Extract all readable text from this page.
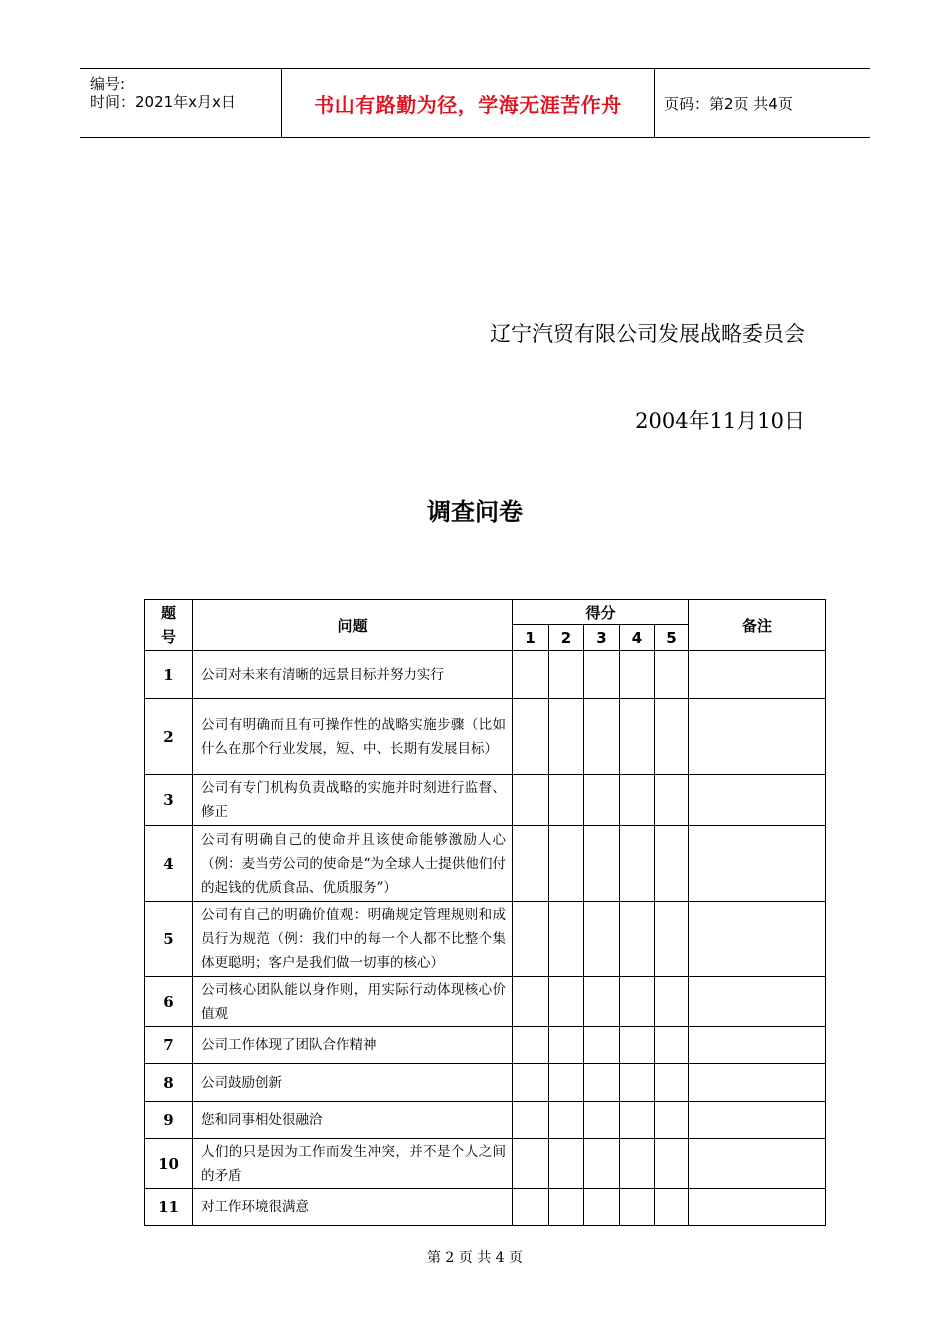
编号:
时间：2021年x月x日	书山有路勤为径，学海无涯苦作舟	页码：第2页 共4页
辽宁汽贸有限公司发展战略委员会
2004年11月10日
调查问卷
题
号	问题	得分					备注
		1	2	3	4	5	
1	公司对未来有清晰的远景目标并努力实行						
2	公司有明确而且有可操作性的战略实施步骤（比如什么在那个行业发展，短、中、长期有发展目标）						
3	公司有专门机构负责战略的实施并时刻进行监督、修正						
4	公司有明确自己的使命并且该使命能够激励人心（例：麦当劳公司的使命是“为全球人士提供他们付的起钱的优质食品、优质服务”）						
5	公司有自己的明确价值观：明确规定管理规则和成员行为规范（例：我们中的每一个人都不比整个集体更聪明；客户是我们做一切事的核心）						
6	公司核心团队能以身作则，用实际行动体现核心价值观						
7	公司工作体现了团队合作精神						
8	公司鼓励创新						
9	您和同事相处很融洽						
10	人们的只是因为工作而发生冲突，并不是个人之间的矛盾						
11	对工作环境很满意						
第 2 页 共 4 页
